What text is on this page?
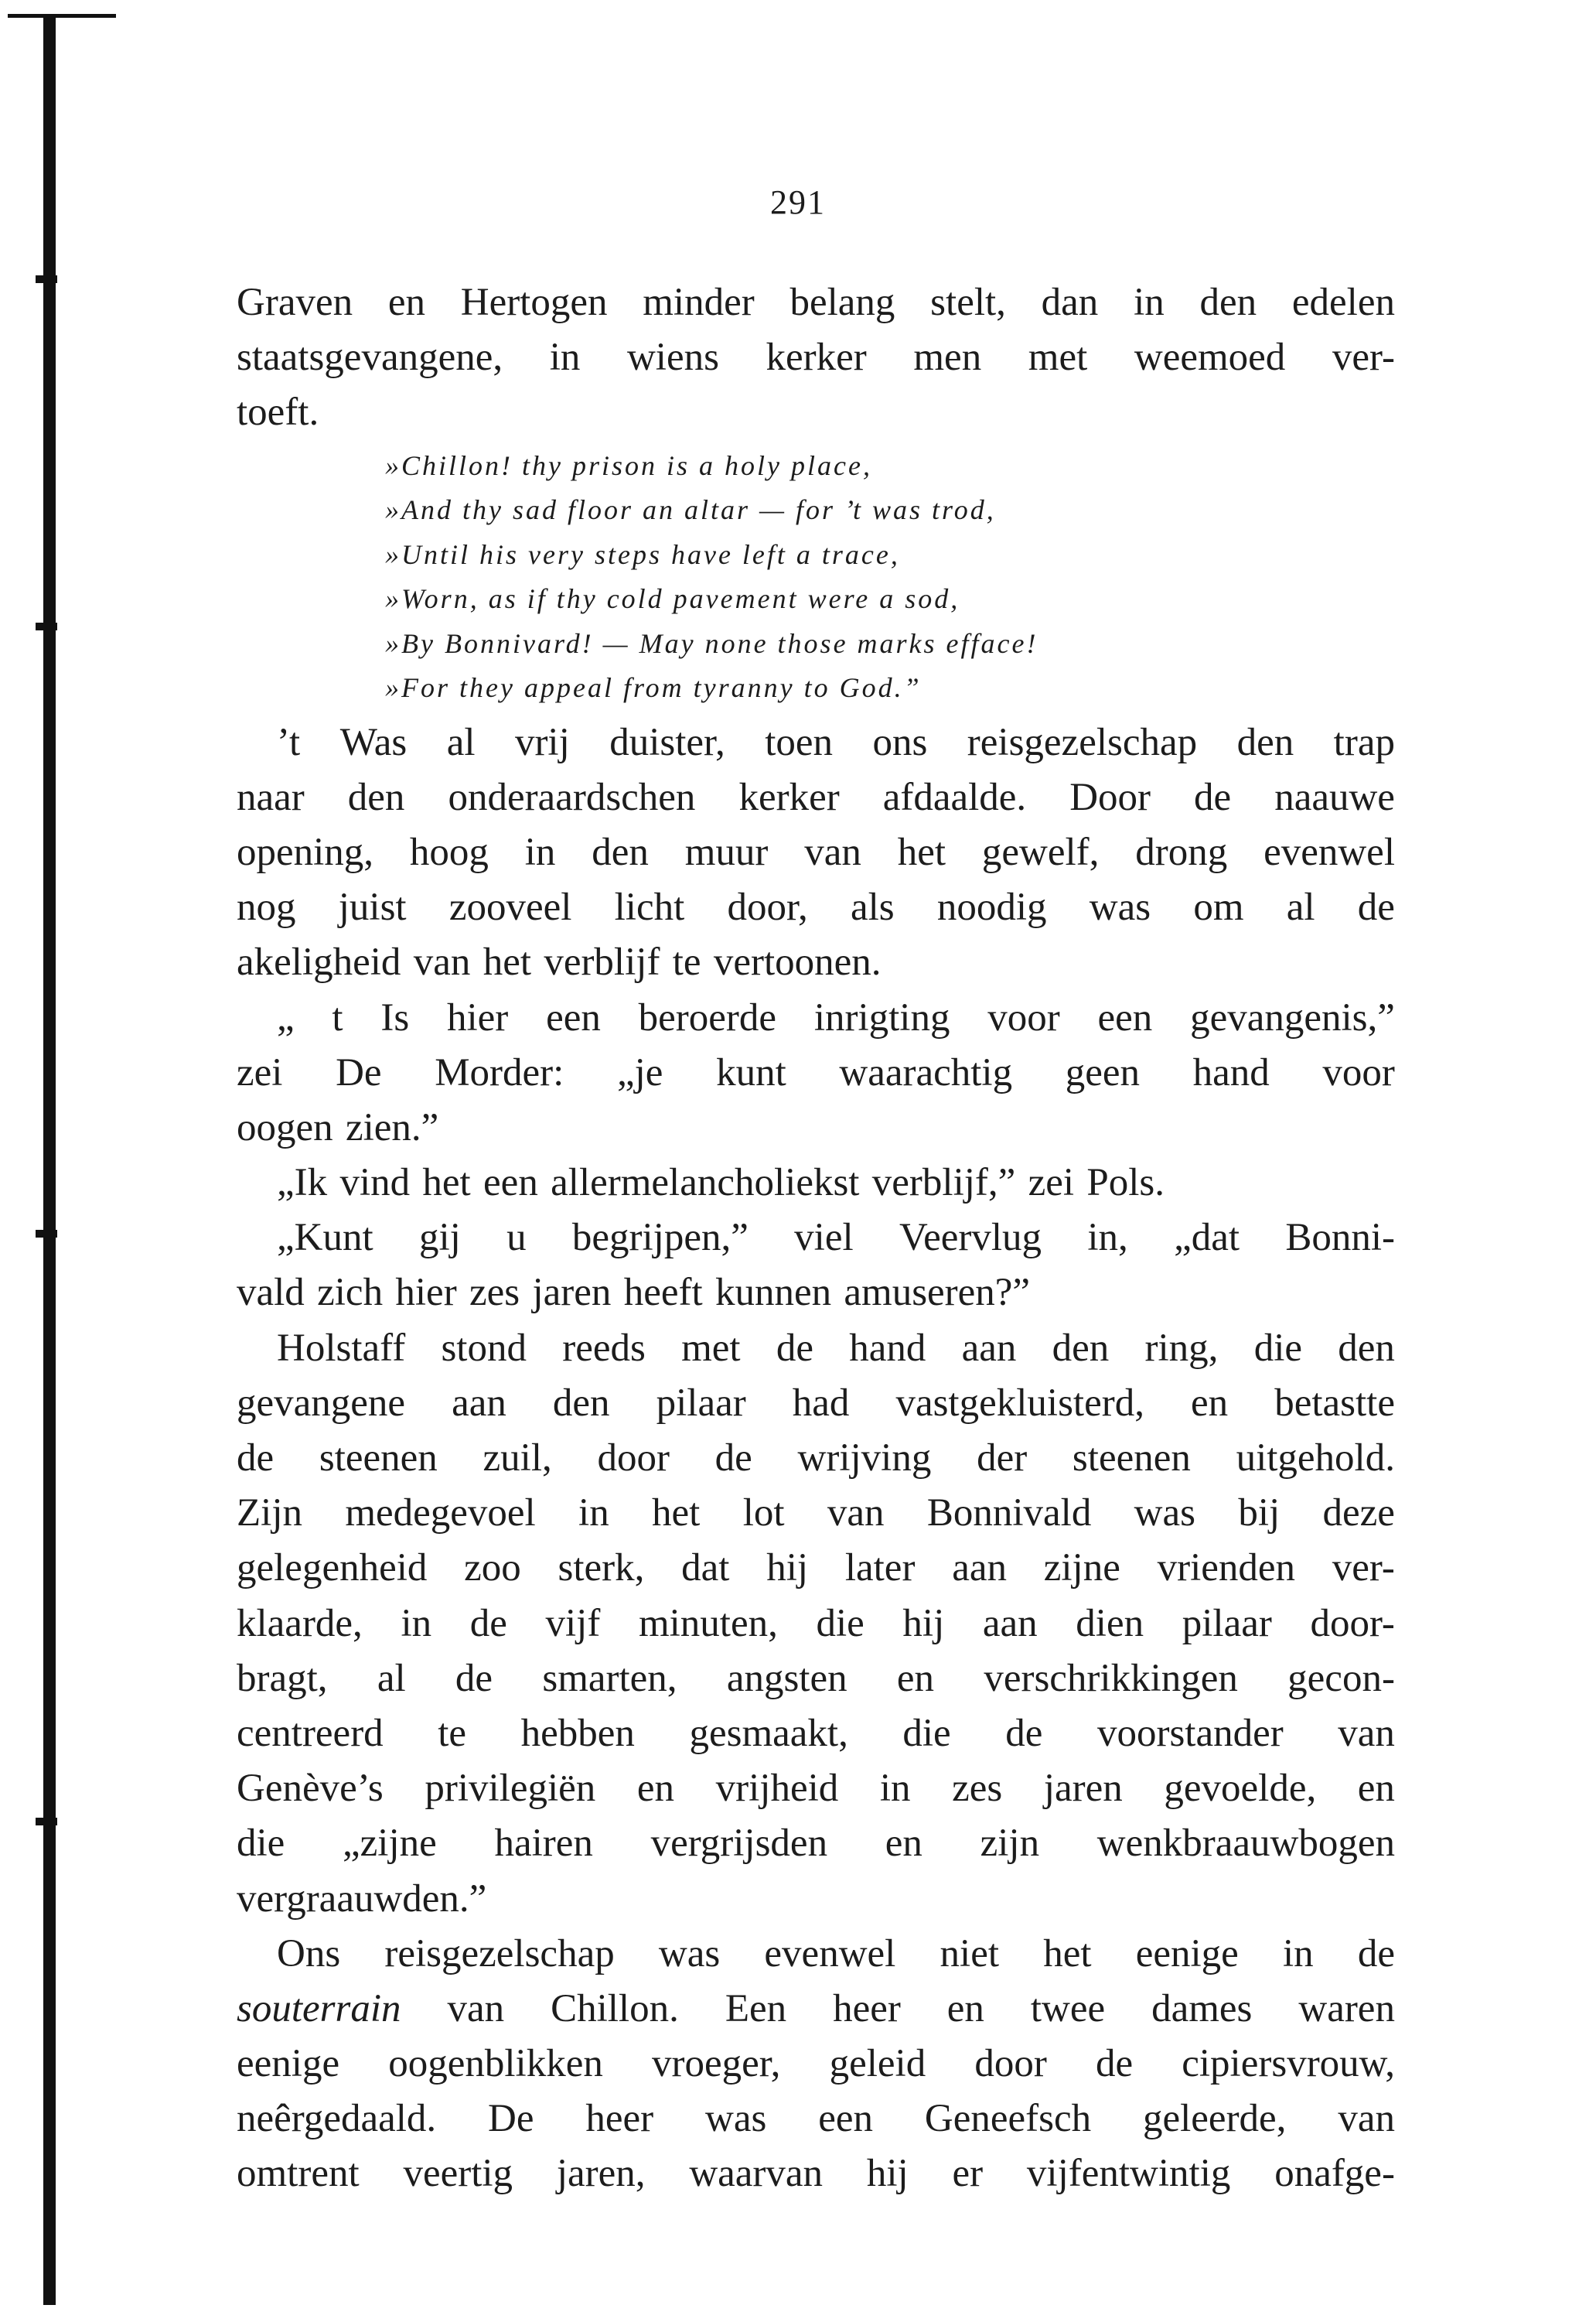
291
Graven en Hertogen minder belang stelt, dan in den edelen
staatsgevangene, in wiens kerker men met weemoed ver-
toeft.
»Chillon! thy prison is a holy place,
»And thy sad floor an altar — for ’t was trod,
»Until his very steps have left a trace,
»Worn, as if thy cold pavement were a sod,
»By Bonnivard! — May none those marks efface!
»For they appeal from tyranny to God.”
’t Was al vrij duister, toen ons reisgezelschap den trap
naar den onderaardschen kerker afdaalde. Door de naauwe
opening, hoog in den muur van het gewelf, drong evenwel
nog juist zooveel licht door, als noodig was om al de
akeligheid van het verblijf te vertoonen.
„ t Is hier een beroerde inrigting voor een gevangenis,”
zei De Morder: „je kunt waarachtig geen hand voor
oogen zien.”
„Ik vind het een allermelancholiekst verblijf,” zei Pols.
„Kunt gij u begrijpen,” viel Veervlug in, „dat Bonni-
vald zich hier zes jaren heeft kunnen amuseren?”
Holstaff stond reeds met de hand aan den ring, die den
gevangene aan den pilaar had vastgekluisterd, en betastte
de steenen zuil, door de wrijving der steenen uitgehold.
Zijn medegevoel in het lot van Bonnivald was bij deze
gelegenheid zoo sterk, dat hij later aan zijne vrienden ver-
klaarde, in de vijf minuten, die hij aan dien pilaar door-
bragt, al de smarten, angsten en verschrikkingen gecon-
centreerd te hebben gesmaakt, die de voorstander van
Genève’s privilegiën en vrijheid in zes jaren gevoelde, en
die „zijne hairen vergrijsden en zijn wenkbraauwbogen
vergraauwden.”
Ons reisgezelschap was evenwel niet het eenige in de
souterrain van Chillon. Een heer en twee dames waren
eenige oogenblikken vroeger, geleid door de cipiersvrouw,
neêrgedaald. De heer was een Geneefsch geleerde, van
omtrent veertig jaren, waarvan hij er vijfentwintig onafge-
